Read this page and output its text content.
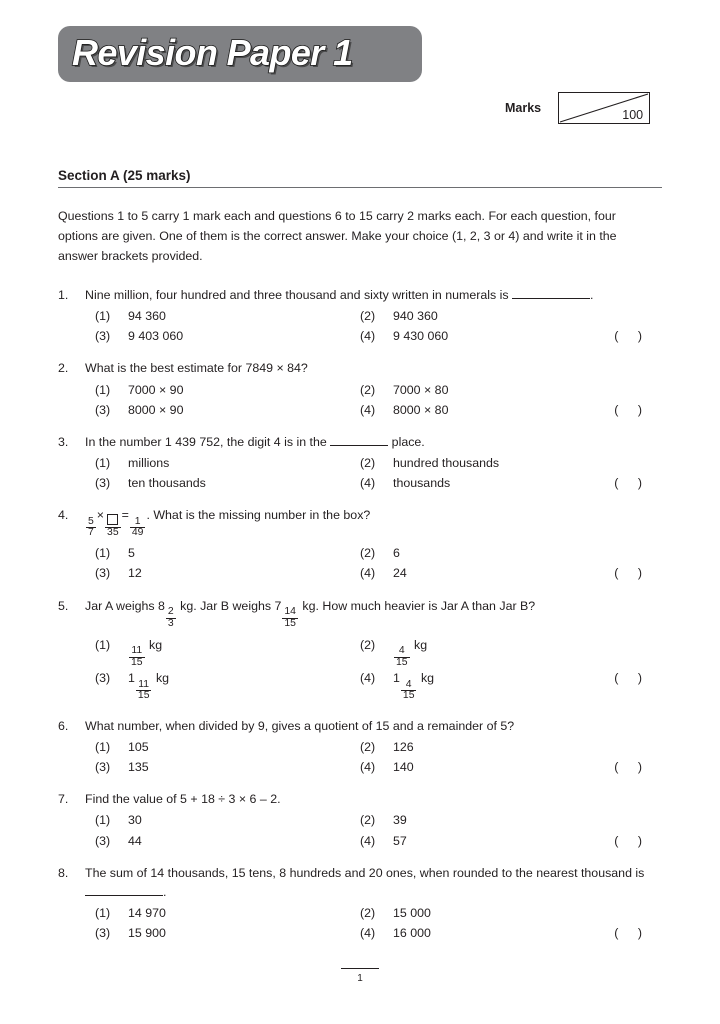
Revision Paper 1
Marks	100
Section A (25 marks)
Questions 1 to 5 carry 1 mark each and questions 6 to 15 carry 2 marks each. For each question, four options are given. One of them is the correct answer. Make your choice (1, 2, 3 or 4) and write it in the answer brackets provided.
1.	Nine million, four hundred and three thousand and sixty written in numerals is	.
(1)	94 360	(2)	940 360
(3)	9 403 060	(4)	9 430 060	( )
2.	What is the best estimate for 7849 × 84?
(1)	7000 × 90	(2)	7000 × 80
(3)	8000 × 90	(4)	8000 × 80	( )
3.	In the number 1 439 752, the digit 4 is in the	place.
(1)	millions	(2)	hundred thousands
(3)	ten thousands	(4)	thousands	( )
4.
$\frac{5}{7}$
×
35
=
$\frac{1}{49}$
. What is the missing number in the box?
(1)	5	(2)	6
(3)	12	(4)	24	( )
5.	Jar A weighs 8
$\frac{2}{3}$
kg. Jar B weighs 7
$\frac{14}{15}$
kg. How much heavier is Jar A than Jar B?
(1)
$\frac{11}{15}$
kg	(2)
$\frac{4}{15}$
kg
(3)	1
$\frac{11}{15}$
kg	(4)	1
$\frac{4}{15}$
kg	( )
6.	What number, when divided by 9, gives a quotient of 15 and a remainder of 5?
(1)	105	(2)	126
(3)	135	(4)	140	( )
7.	Find the value of 5 + 18 ÷ 3 × 6 – 2.
(1)	30	(2)	39
(3)	44	(4)	57	( )
8.	The sum of 14 thousands, 15 tens, 8 hundreds and 20 ones, when rounded to the nearest thousand is .
(1)	14 970	(2)	15 000
(3)	15 900	(4)	16 000	( )
1
